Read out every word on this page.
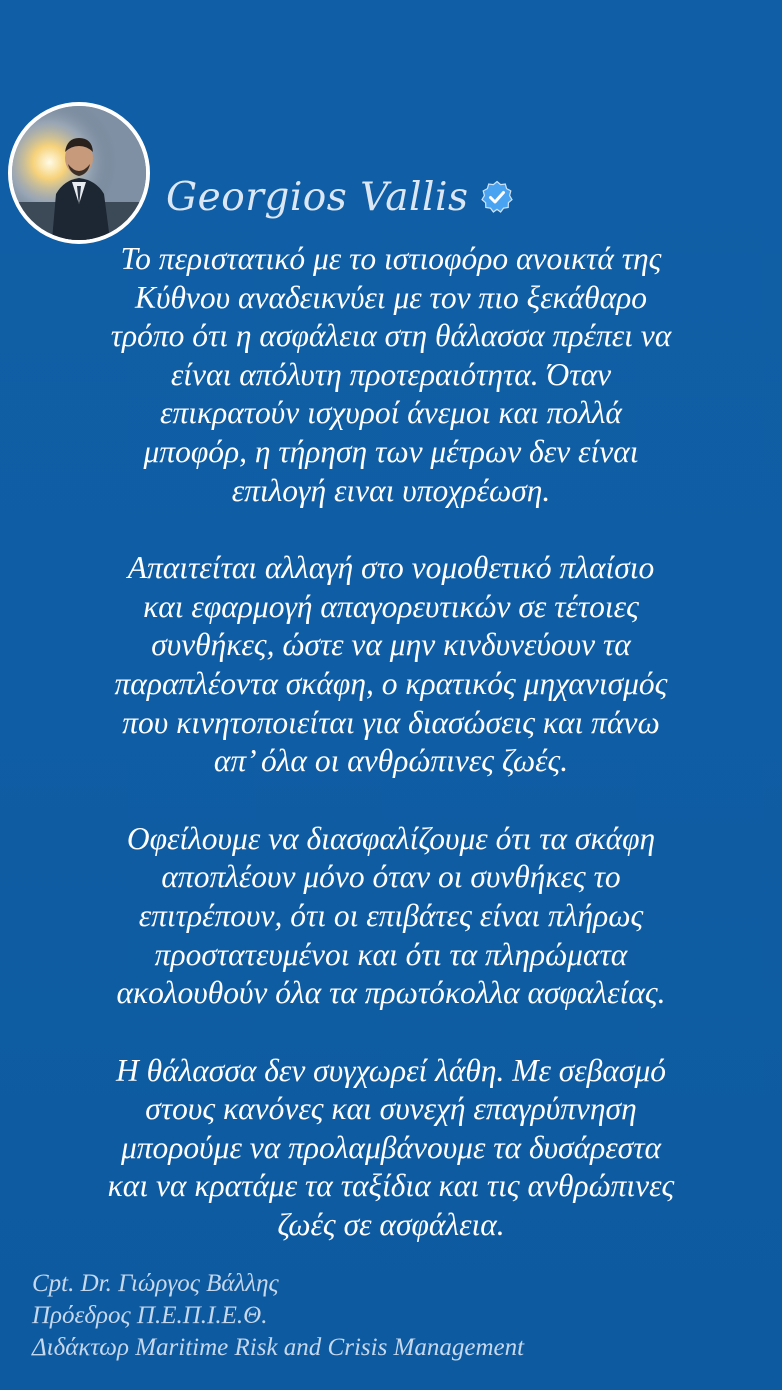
Georgios Vallis

Το περιστατικό με το ιστιοφόρο ανοικτά της
Κύθνου αναδεικνύει με τον πιο ξεκάθαρο
τρόπο ότι η ασφάλεια στη θάλασσα πρέπει να
είναι απόλυτη προτεραιότητα. Όταν
επικρατούν ισχυροί άνεμοι και πολλά
μποφόρ, η τήρηση των μέτρων δεν είναι
επιλογή ειναι υποχρέωση.

Απαιτείται αλλαγή στο νομοθετικό πλαίσιο
και εφαρμογή απαγορευτικών σε τέτοιες
συνθήκες, ώστε να μην κινδυνεύουν τα
παραπλέοντα σκάφη, ο κρατικός μηχανισμός
που κινητοποιείται για διασώσεις και πάνω
απ’ όλα οι ανθρώπινες ζωές.

Οφείλουμε να διασφαλίζουμε ότι τα σκάφη
αποπλέουν μόνο όταν οι συνθήκες το
επιτρέπουν, ότι οι επιβάτες είναι πλήρως
προστατευμένοι και ότι τα πληρώματα
ακολουθούν όλα τα πρωτόκολλα ασφαλείας.

Η θάλασσα δεν συγχωρεί λάθη. Με σεβασμό
στους κανόνες και συνεχή επαγρύπνηση
μπορούμε να προλαμβάνουμε τα δυσάρεστα
και να κρατάμε τα ταξίδια και τις ανθρώπινες
ζωές σε ασφάλεια.

Cpt. Dr. Γιώργος Βάλλης
Πρόεδρος Π.Ε.Π.Ι.Ε.Θ.
Διδάκτωρ Maritime Risk and Crisis Management
